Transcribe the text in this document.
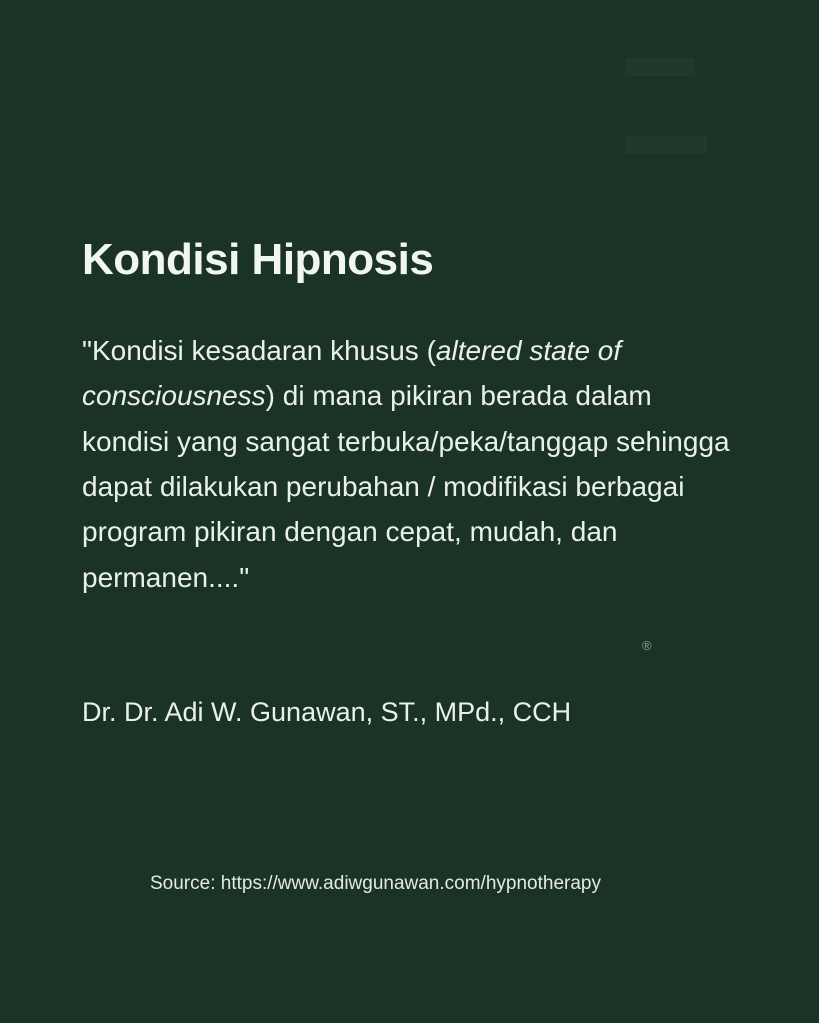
Kondisi Hipnosis
"Kondisi kesadaran khusus (altered state of consciousness) di mana pikiran berada dalam kondisi yang sangat terbuka/peka/tanggap sehingga dapat dilakukan perubahan / modifikasi berbagai program pikiran dengan cepat, mudah, dan permanen...."
®
Dr. Dr. Adi W. Gunawan, ST., MPd., CCH
Source: https://www.adiwgunawan.com/hypnotherapy
